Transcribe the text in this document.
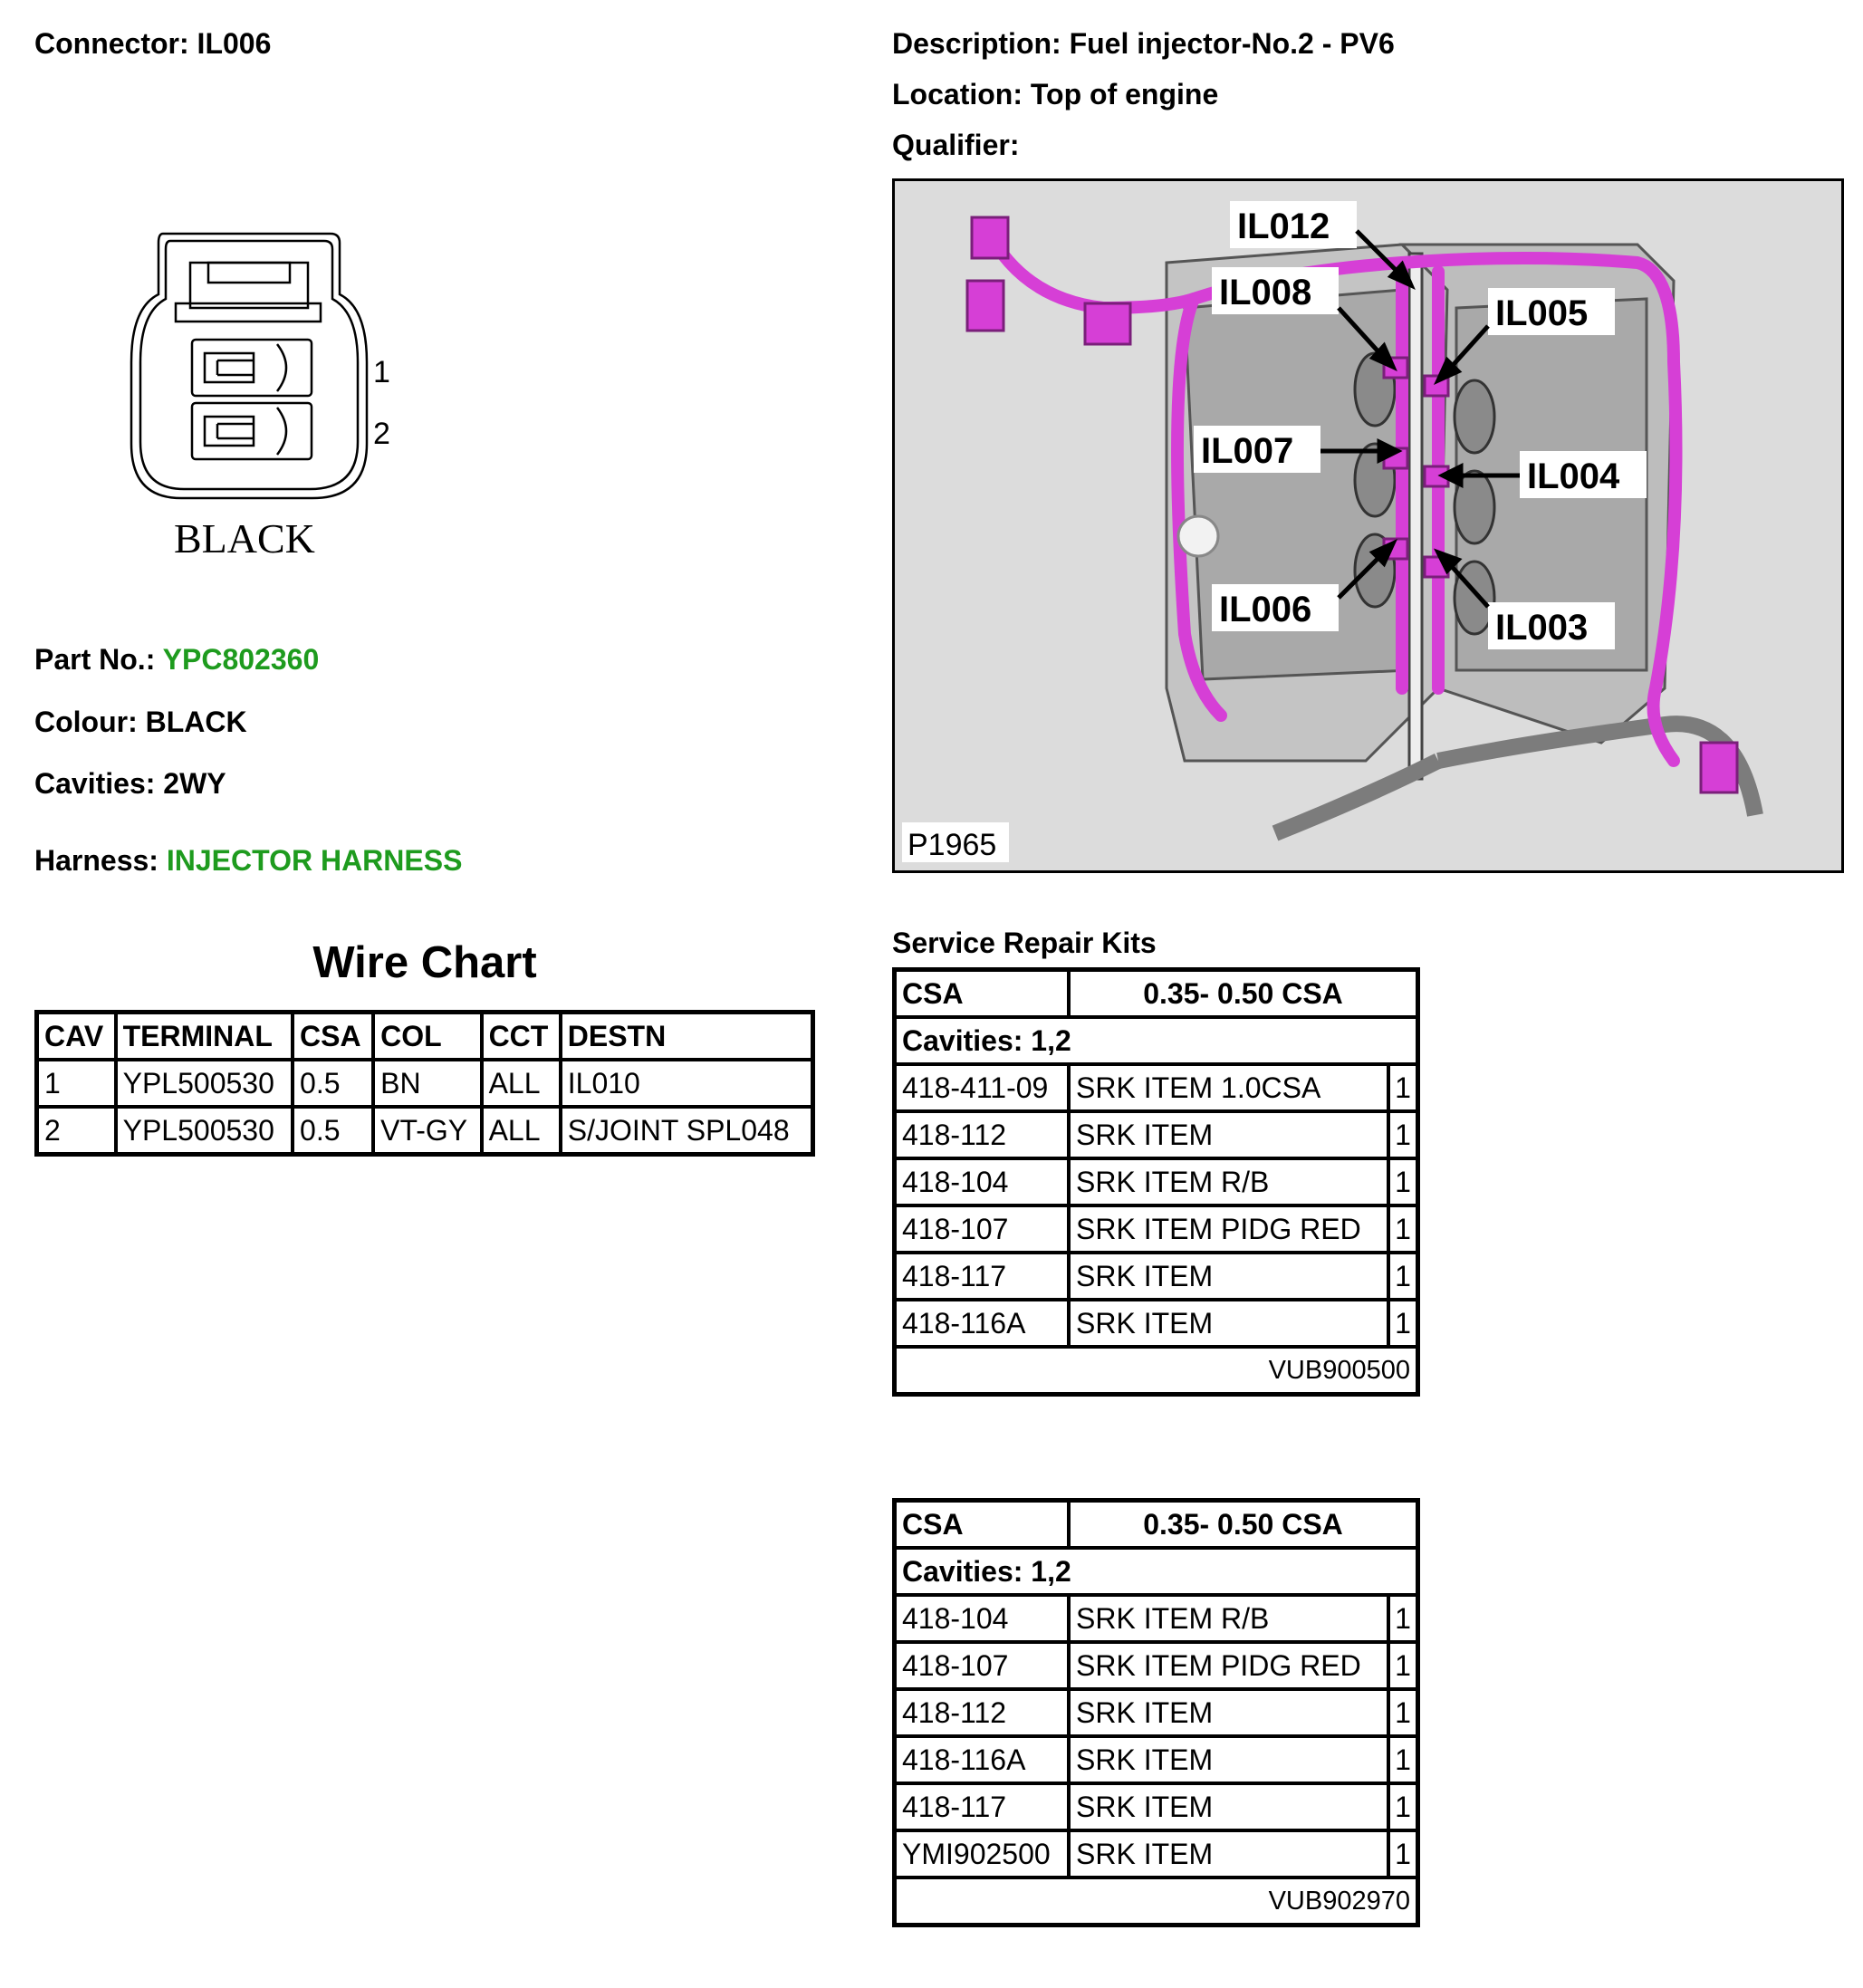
Connector: IL006	Description: Fuel injector-No.2 - PV6
Location: Top of engine
Qualifier:
1
2
BLACK
Part No.: YPC802360
Colour: BLACK
Cavities: 2WY
Harness: INJECTOR HARNESS
IL012
IL008
IL005
IL007
IL004
IL006	IL003
P1965
Wire Chart
CAV	TERMINAL	CSA	COL	CCT	DESTN
1	YPL500530	0.5	BN	ALL	IL010
2	YPL500530	0.5	VT-GY	ALL	S/JOINT SPL048
Service Repair Kits
CSA	0.35- 0.50 CSA	
Cavities: 1,2		
418-411-09	SRK ITEM 1.0CSA	1
418-112	SRK ITEM	1
418-104	SRK ITEM R/B	1
418-107	SRK ITEM PIDG RED	1
418-117	SRK ITEM	1
418-116A	SRK ITEM	1
VUB900500		
CSA	0.35- 0.50 CSA	
Cavities: 1,2		
418-104	SRK ITEM R/B	1
418-107	SRK ITEM PIDG RED	1
418-112	SRK ITEM	1
418-116A	SRK ITEM	1
418-117	SRK ITEM	1
YMI902500	SRK ITEM	1
VUB902970		
